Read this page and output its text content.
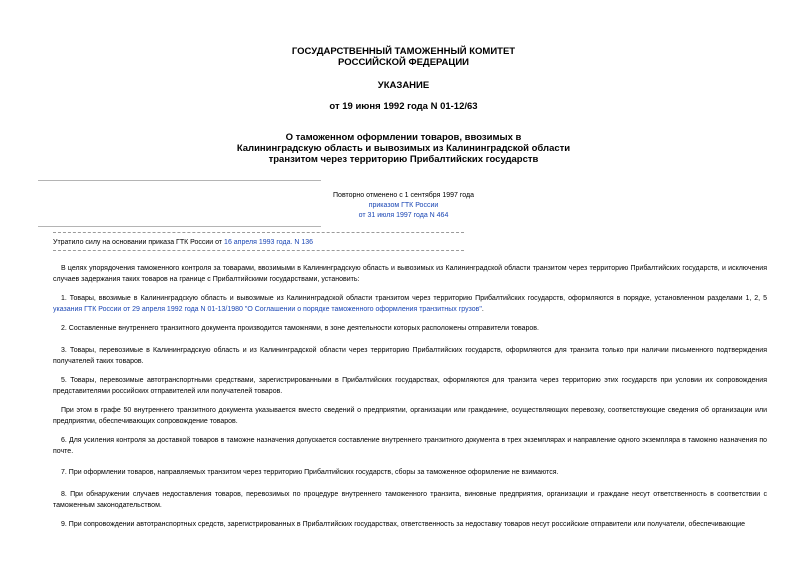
ГОСУДАРСТВЕННЫЙ ТАМОЖЕННЫЙ КОМИТЕТ
РОССИЙСКОЙ ФЕДЕРАЦИИ
УКАЗАНИЕ
от 19 июня 1992 года N 01-12/63
О таможенном оформлении товаров, ввозимых в
Калининградскую область и вывозимых из Калининградской области
транзитом через территорию Прибалтийских государств
Повторно отменено с 1 сентября 1997 года
приказом ГТК России
от 31 июля 1997 года N 464
Утратило силу на основании приказа ГТК России от 16 апреля 1993 года. N 136
В целях упорядочения таможенного контроля за товарами, ввозимыми в Калининградскую область и вывозимых из Калининградской области транзитом через территорию Прибалтийских государств, и исключения случаев задержания таких товаров на границе с Прибалтийскими государствами, установить:
1. Товары, ввозимые в Калининградскую область и вывозимые из Калининградской области транзитом через территорию Прибалтийских государств, оформляются в порядке, установленном разделами 1, 2, 5 указания ГТК России от 29 апреля 1992 года N 01-13/1980 "О Соглашении о порядке таможенного оформления транзитных грузов".
2. Составленные внутреннего транзитного документа производится таможнями, в зоне деятельности которых расположены отправители товаров.
3. Товары, перевозимые в Калининградскую область и из Калининградской области через территорию Прибалтийских государств, оформляются для транзита только при наличии письменного подтверждения получателей таких товаров.
5. Товары, перевозимые автотранспортными средствами, зарегистрированными в Прибалтийских государствах, оформляются для транзита через территорию этих государств при условии их сопровождения представителями российских отправителей или получателей товаров.
При этом в графе 50 внутреннего транзитного документа указывается вместо сведений о предприятии, организации или гражданине, осуществляющих перевозку, соответствующие сведения об организации или предприятии, обеспечивающих сопровождение товаров.
6. Для усиления контроля за доставкой товаров в таможне назначения допускается составление внутреннего транзитного документа в трех экземплярах и направление одного экземпляра в таможню назначения по почте.
7. При оформлении товаров, направляемых транзитом через территорию Прибалтийских государств, сборы за таможенное оформление не взимаются.
8. При обнаружении случаев недоставления товаров, перевозимых по процедуре внутреннего таможенного транзита, виновные предприятия, организации и граждане несут ответственность в соответствии с таможенным законодательством.
9. При сопровождении автотранспортных средств, зарегистрированных в Прибалтийских государствах, ответственность за недоставку товаров несут российские отправители или получатели, обеспечивающие
